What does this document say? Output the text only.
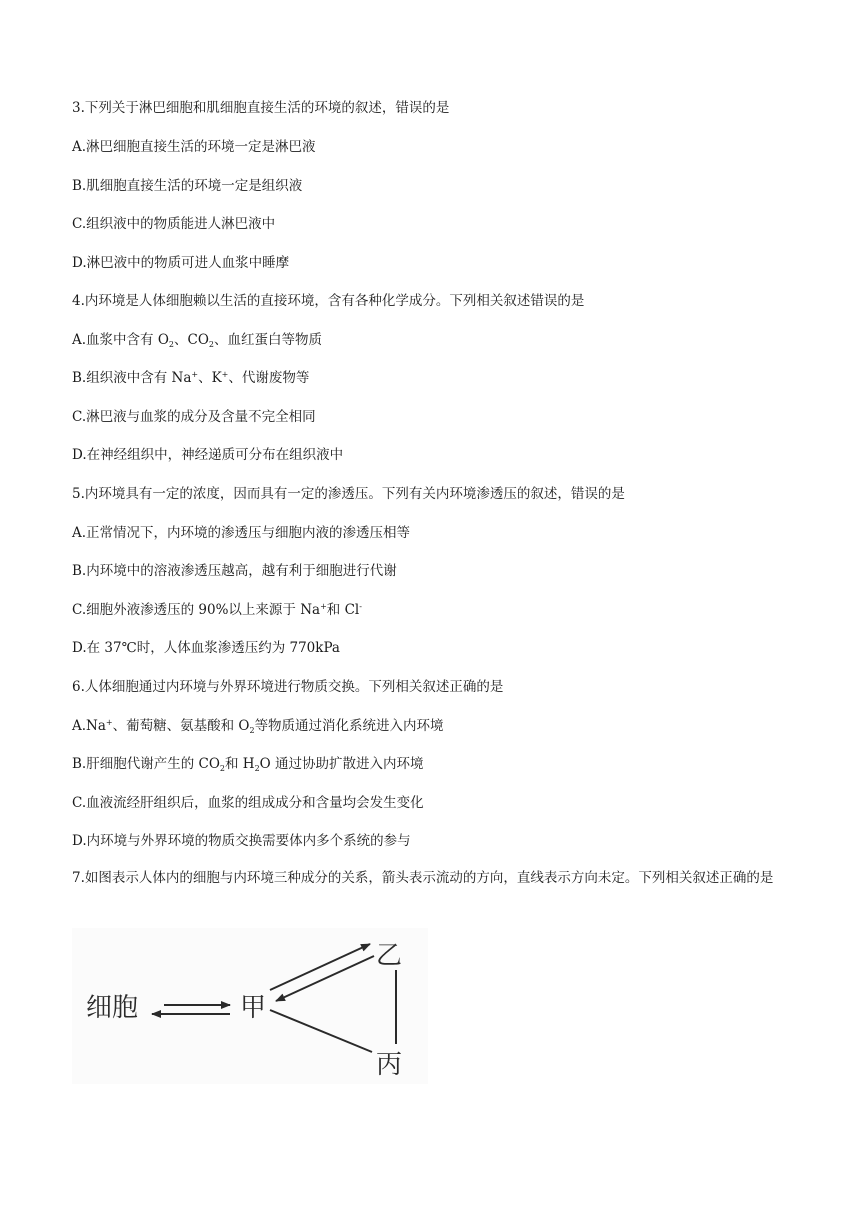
3.下列关于淋巴细胞和肌细胞直接生活的环境的叙述，错误的是
A.淋巴细胞直接生活的环境一定是淋巴液
B.肌细胞直接生活的环境一定是组织液
C.组织液中的物质能进人淋巴液中
D.淋巴液中的物质可进人血浆中睡摩
4.内环境是人体细胞赖以生活的直接环境，含有各种化学成分。下列相关叙述错误的是
A.血浆中含有 $O_2$、$CO_2$、血红蛋白等物质
B.组织液中含有 Na+、K+、代谢废物等
C.淋巴液与血浆的成分及含量不完全相同
D.在神经组织中，神经递质可分布在组织液中
5.内环境具有一定的浓度，因而具有一定的渗透压。下列有关内环境渗透压的叙述，错误的是
A.正常情况下，内环境的渗透压与细胞内液的渗透压相等
B.内环境中的溶液渗透压越高，越有利于细胞进行代谢
C.细胞外液渗透压的 90%以上来源于 Na+和 Cl-
D.在 37℃时，人体血浆渗透压约为 770kPa
6.人体细胞通过内环境与外界环境进行物质交换。下列相关叙述正确的是
A.Na+、葡萄糖、氨基酸和 $O_2$等物质通过消化系统进入内环境
B.肝细胞代谢产生的 $CO_2$和 $H_2O$ 通过协助扩散进入内环境
C.血液流经肝组织后，血浆的组成成分和含量均会发生变化
D.内环境与外界环境的物质交换需要体内多个系统的参与
7.如图表示人体内的细胞与内环境三种成分的关系，箭头表示流动的方向，直线表示方向未定。下列相关叙述正确的是
细胞	甲
乙
丙
